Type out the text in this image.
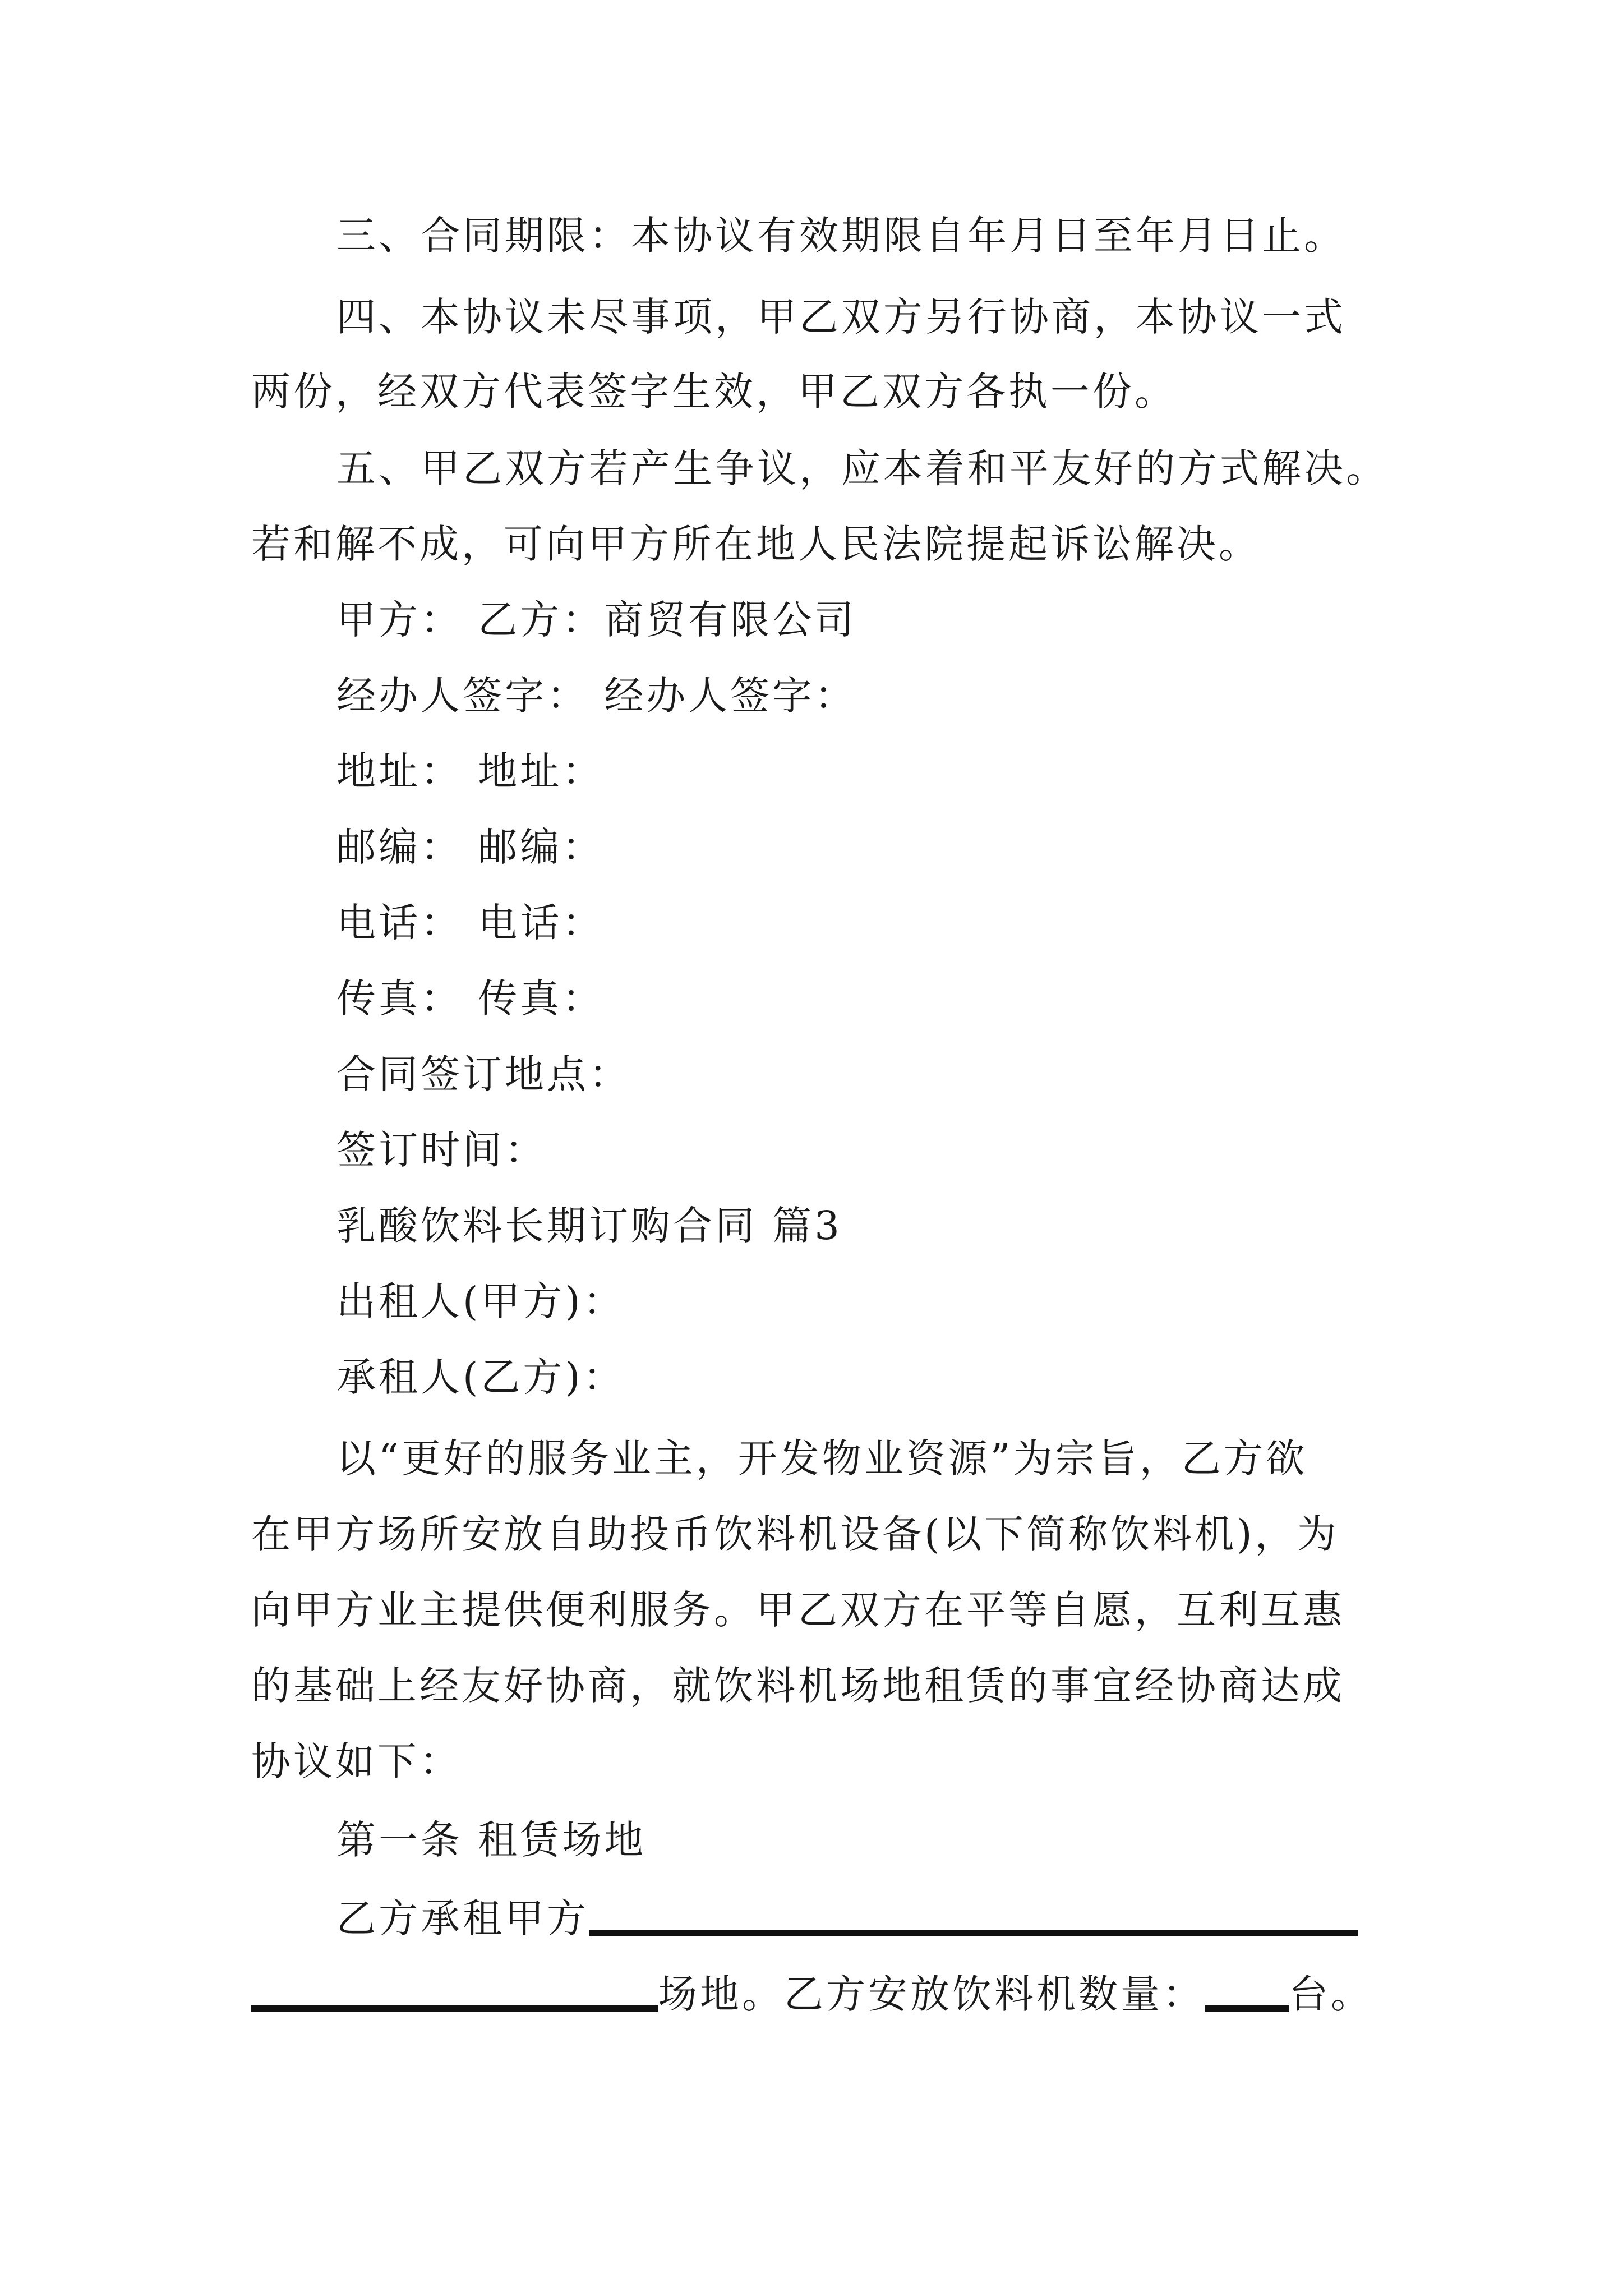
三、合同期限：本协议有效期限自年月日至年月日止。
四、本协议未尽事项，甲乙双方另行协商，本协议一式
两份，经双方代表签字生效，甲乙双方各执一份。
五、甲乙双方若产生争议，应本着和平友好的方式解决。
若和解不成，可向甲方所在地人民法院提起诉讼解决。
甲方： 乙方：商贸有限公司
经办人签字： 经办人签字：
地址： 地址：
邮编： 邮编：
电话： 电话：
传真： 传真：
合同签订地点：
签订时间：
乳酸饮料长期订购合同 篇3
出租人(甲方)：
承租人(乙方)：
以“更好的服务业主，开发物业资源”为宗旨，乙方欲
在甲方场所安放自助投币饮料机设备(以下简称饮料机)，为
向甲方业主提供便利服务。甲乙双方在平等自愿，互利互惠
的基础上经友好协商，就饮料机场地租赁的事宜经协商达成
协议如下：
第一条 租赁场地
乙方承租甲方
场地。乙方安放饮料机数量： 台。
